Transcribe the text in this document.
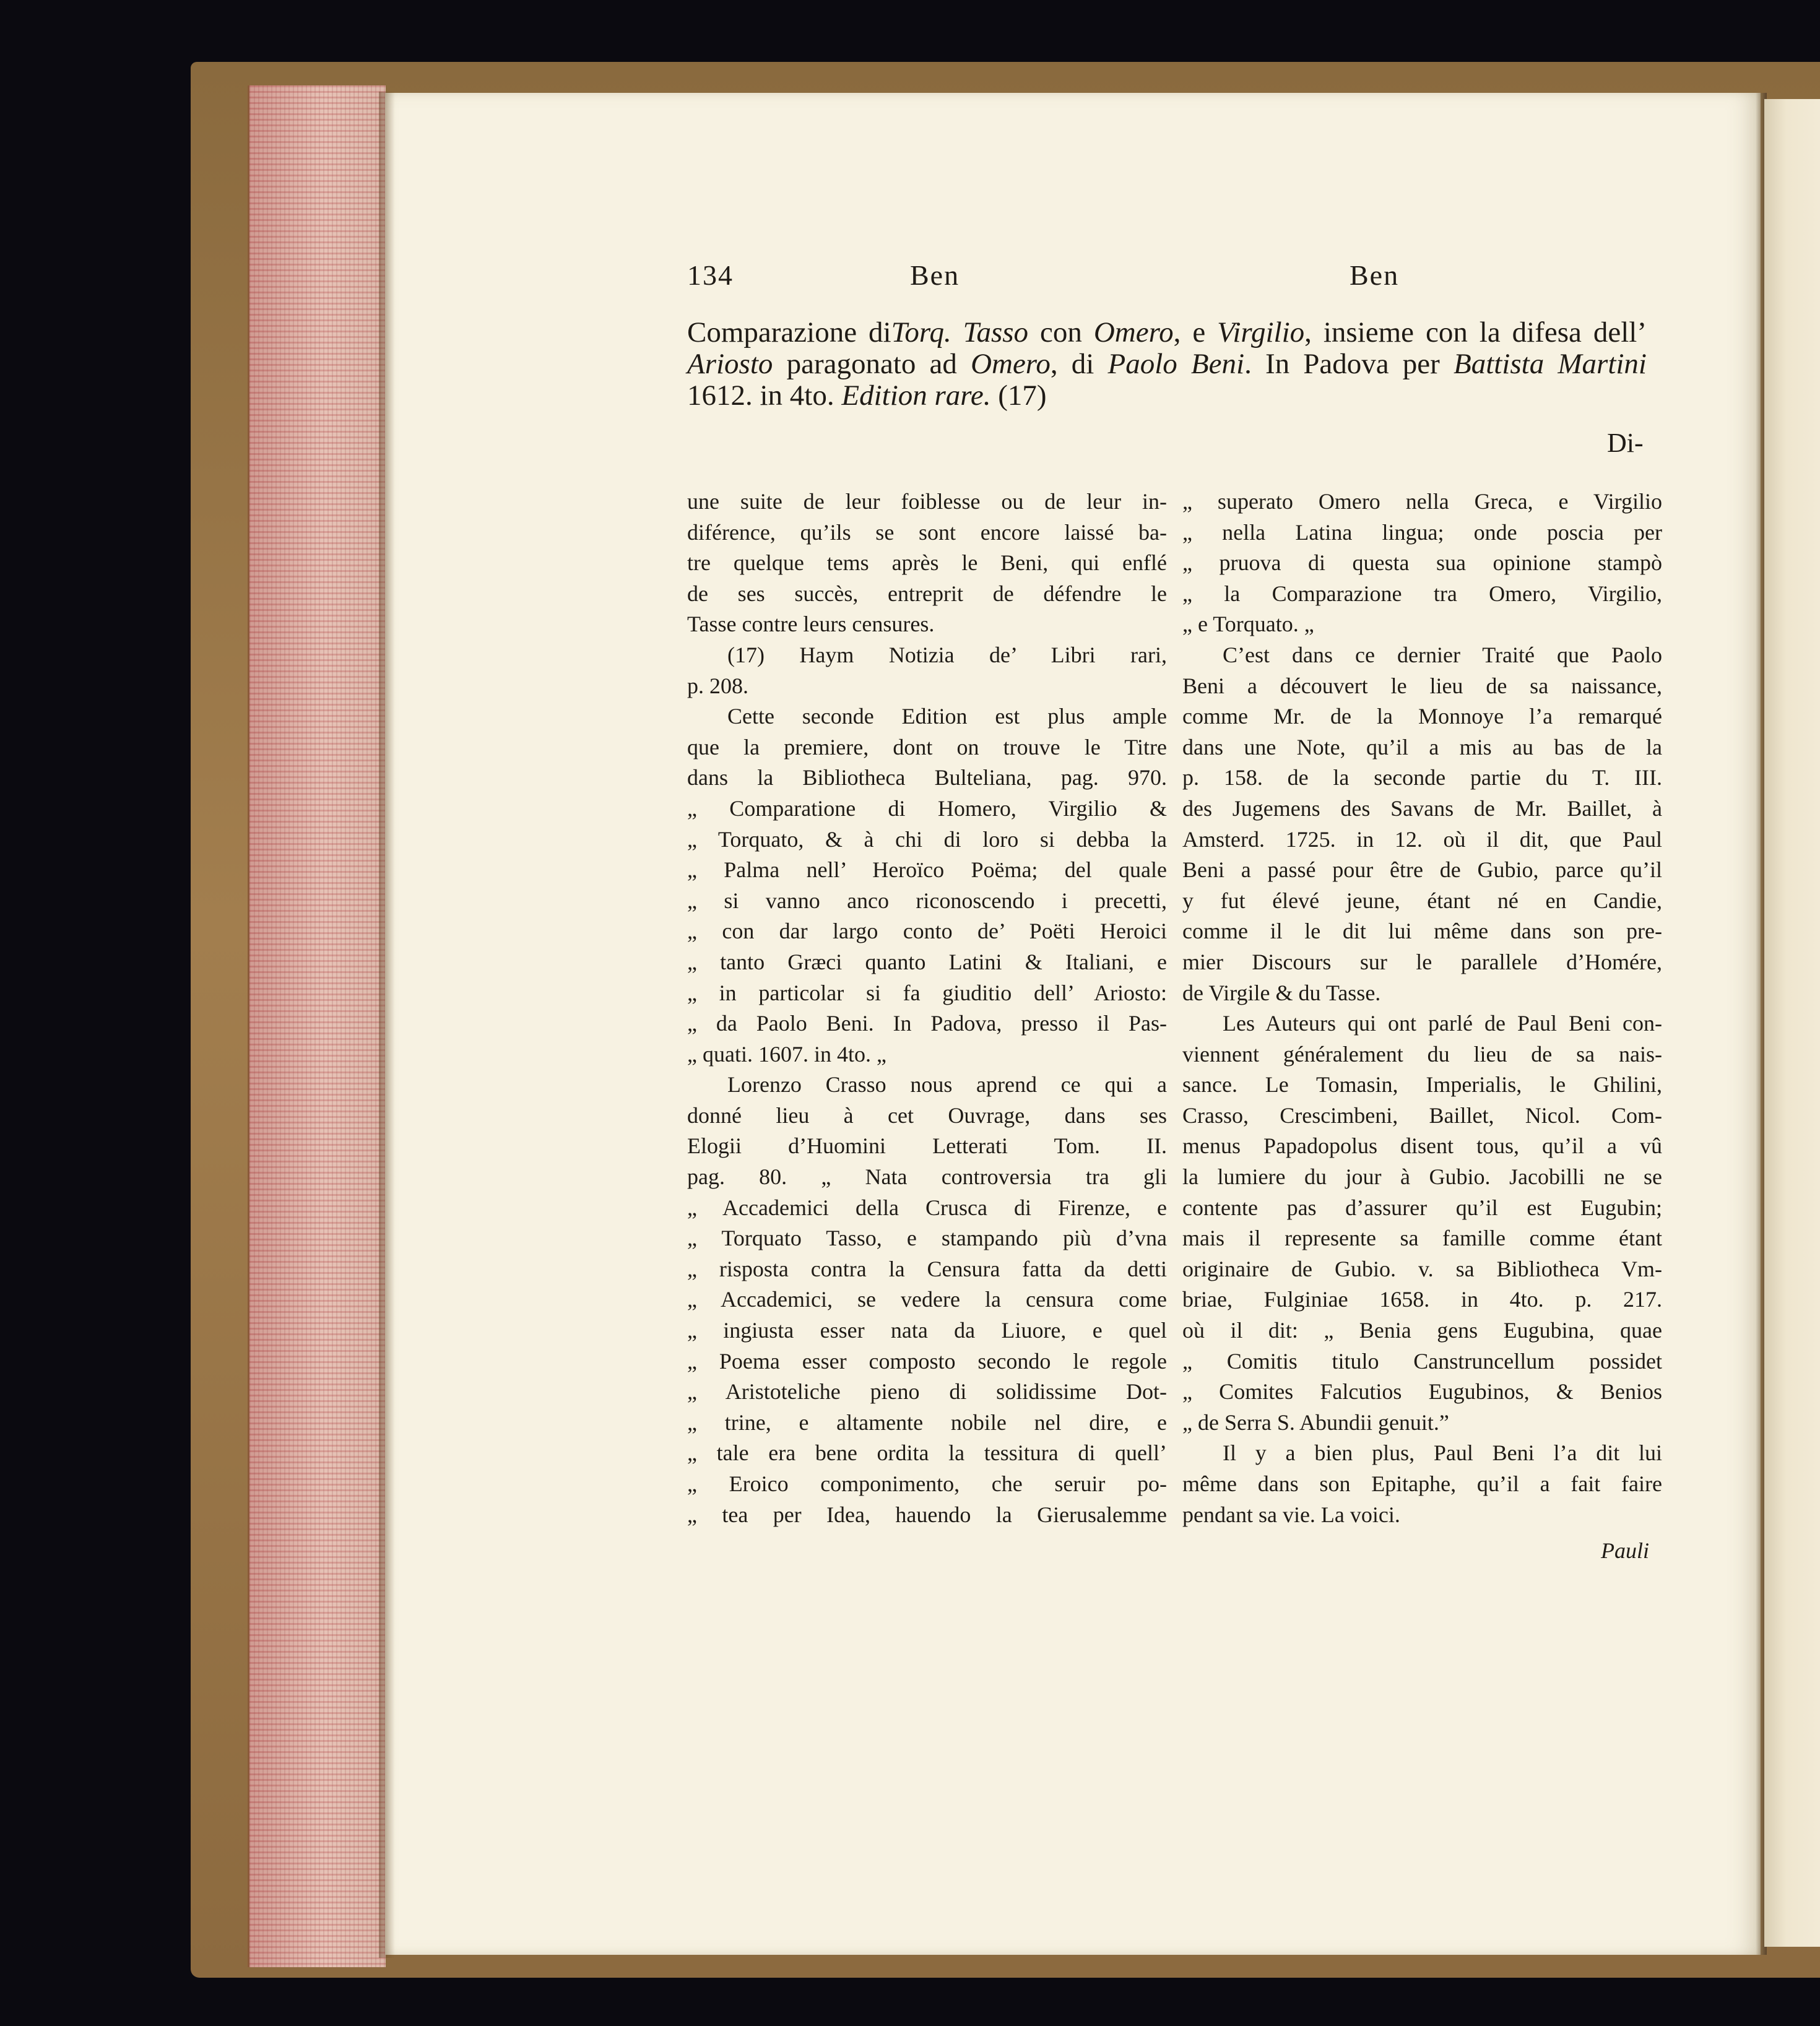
134	Ben	Ben
Comparazione diTorq. Tasso con Omero, e Virgilio, insieme con la difesa dell’ Ariosto paragonato ad Omero, di Paolo Beni. In Padova per Battista Martini 1612. in 4to. Edition rare. (17)
Di-
une suite de leur foiblesse ou de leur in-
diférence, qu’ils se sont encore laissé ba-
tre quelque tems après le Beni, qui enflé
de ses succès, entreprit de défendre le
Tasse contre leurs censures.
(17) Haym Notizia de’ Libri rari,
p. 208.
Cette seconde Edition est plus ample
que la premiere, dont on trouve le Titre
dans la Bibliotheca Bulteliana, pag. 970.
„ Comparatione di Homero, Virgilio &
„ Torquato, & à chi di loro si debba la
„ Palma nell’ Heroïco Poëma; del quale
„ si vanno anco riconoscendo i precetti,
„ con dar largo conto de’ Poëti Heroici
„ tanto Græci quanto Latini & Italiani, e
„ in particolar si fa giuditio dell’ Ariosto:
„ da Paolo Beni. In Padova, presso il Pas-
„ quati. 1607. in 4to. „
Lorenzo Crasso nous aprend ce qui a
donné lieu à cet Ouvrage, dans ses
Elogii d’Huomini Letterati Tom. II.
pag. 80. „ Nata controversia tra gli
„ Accademici della Crusca di Firenze, e
„ Torquato Tasso, e stampando più d’vna
„ risposta contra la Censura fatta da detti
„ Accademici, se vedere la censura come
„ ingiusta esser nata da Liuore, e quel
„ Poema esser composto secondo le regole
„ Aristoteliche pieno di solidissime Dot-
„ trine, e altamente nobile nel dire, e
„ tale era bene ordita la tessitura di quell’
„ Eroico componimento, che seruir po-
„ tea per Idea, hauendo la Gierusalemme
„ superato Omero nella Greca, e Virgilio
„ nella Latina lingua; onde poscia per
„ pruova di questa sua opinione stampò
„ la Comparazione tra Omero, Virgilio,
„ e Torquato. „
C’est dans ce dernier Traité que Paolo
Beni a découvert le lieu de sa naissance,
comme Mr. de la Monnoye l’a remarqué
dans une Note, qu’il a mis au bas de la
p. 158. de la seconde partie du T. III.
des Jugemens des Savans de Mr. Baillet, à
Amsterd. 1725. in 12. où il dit, que Paul
Beni a passé pour être de Gubio, parce qu’il
y fut élevé jeune, étant né en Candie,
comme il le dit lui même dans son pre-
mier Discours sur le parallele d’Homére,
de Virgile & du Tasse.
Les Auteurs qui ont parlé de Paul Beni con-
viennent généralement du lieu de sa nais-
sance. Le Tomasin, Imperialis, le Ghilini,
Crasso, Crescimbeni, Baillet, Nicol. Com-
menus Papadopolus disent tous, qu’il a vû
la lumiere du jour à Gubio. Jacobilli ne se
contente pas d’assurer qu’il est Eugubin;
mais il represente sa famille comme étant
originaire de Gubio. v. sa Bibliotheca Vm-
briae, Fulginiae 1658. in 4to. p. 217.
où il dit: „ Benia gens Eugubina, quae
„ Comitis titulo Canstruncellum possidet
„ Comites Falcutios Eugubinos, & Benios
„ de Serra S. Abundii genuit.”
Il y a bien plus, Paul Beni l’a dit lui
même dans son Epitaphe, qu’il a fait faire
pendant sa vie. La voici.
Pauli
